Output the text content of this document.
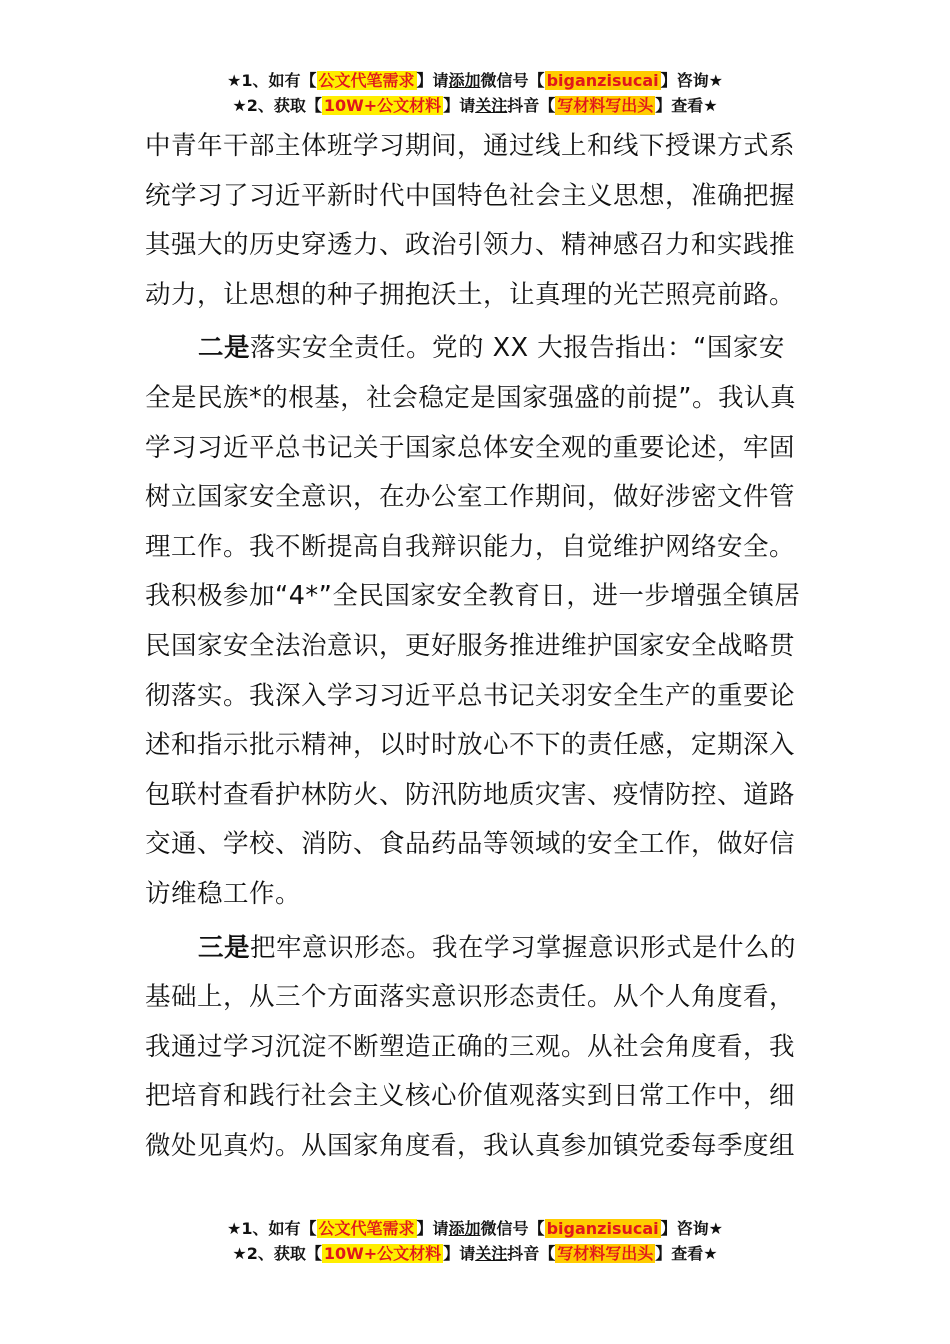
★1、如有【 公文代笔需求 】请添加微信号【 biganzisucai 】咨询★
★2、获取【 10W+公文材料 】请关注抖音【 写材料写出头 】查看★

中青年干部主体班学习期间，通过线上和线下授课方式系统学习了习近平新时代中国特色社会主义思想，准确把握其强大的历史穿透力、政治引领力、精神感召力和实践推动力，让思想的种子拥抱沃土，让真理的光芒照亮前路。

二是落实安全责任。党的 XX 大报告指出：“国家安全是民族*的根基，社会稳定是国家强盛的前提”。我认真学习习近平总书记关于国家总体安全观的重要论述，牢固树立国家安全意识，在办公室工作期间，做好涉密文件管理工作。我不断提高自我辩识能力，自觉维护网络安全。我积极参加“4*”全民国家安全教育日，进一步增强全镇居民国家安全法治意识，更好服务推进维护国家安全战略贯彻落实。我深入学习习近平总书记关羽安全生产的重要论述和指示批示精神，以时时放心不下的责任感，定期深入包联村查看护林防火、防汛防地质灾害、疫情防控、道路交通、学校、消防、食品药品等领域的安全工作，做好信访维稳工作。

三是把牢意识形态。我在学习掌握意识形式是什么的基础上，从三个方面落实意识形态责任。从个人角度看，我通过学习沉淀不断塑造正确的三观。从社会角度看，我把培育和践行社会主义核心价值观落实到日常工作中，细微处见真灼。从国家角度看，我认真参加镇党委每季度组

★1、如有【 公文代笔需求 】请添加微信号【 biganzisucai 】咨询★
★2、获取【 10W+公文材料 】请关注抖音【 写材料写出头 】查看★
